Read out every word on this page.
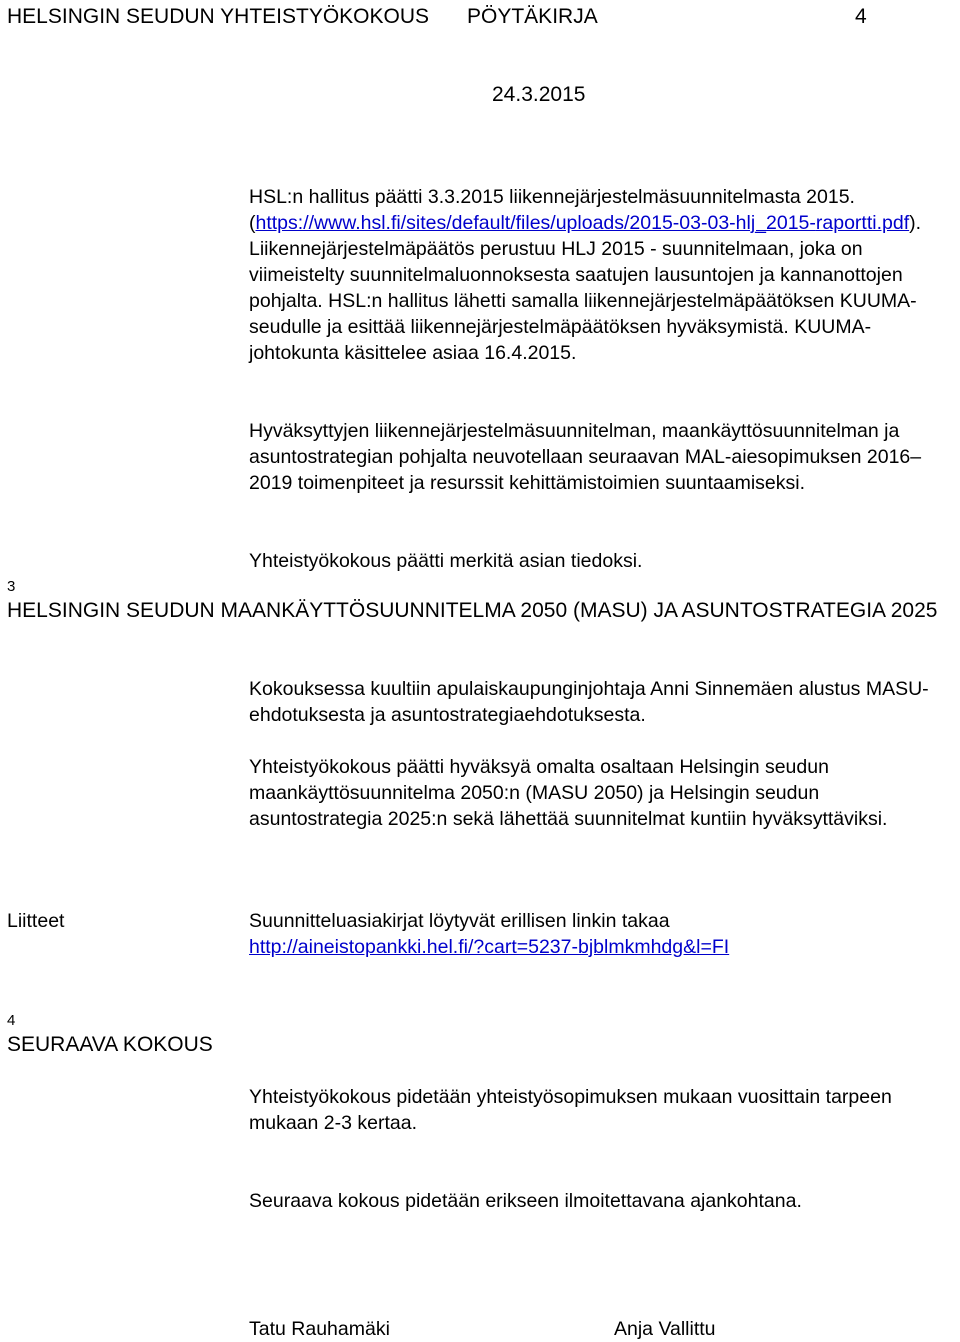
HELSINGIN SEUDUN YHTEISTYÖKOKOUS PÖYTÄKIRJA	4
24.3.2015
HSL:n hallitus päätti 3.3.2015 liikennejärjestelmäsuunnitelmasta 2015. (https://www.hsl.fi/sites/default/files/uploads/2015-03-03-hlj_2015-raportti.pdf). Liikennejärjestelmäpäätös perustuu HLJ 2015 - suunnitelmaan, joka on viimeistelty suunnitelmaluonnoksesta saatujen lausuntojen ja kannanottojen pohjalta. HSL:n hallitus lähetti samalla liikennejärjestelmäpäätöksen KUUMA-seudulle ja esittää liikennejärjestelmäpäätöksen hyväksymistä. KUUMA-johtokunta käsittelee asiaa 16.4.2015.
Hyväksyttyjen liikennejärjestelmäsuunnitelman, maankäyttösuunnitelman ja asuntostrategian pohjalta neuvotellaan seuraavan MAL-aiesopimuksen 2016–2019 toimenpiteet ja resurssit kehittämistoimien suuntaamiseksi.
Yhteistyökokous päätti merkitä asian tiedoksi.
3
HELSINGIN SEUDUN MAANKÄYTTÖSUUNNITELMA 2050 (MASU) JA ASUNTOSTRATEGIA 2025
Kokouksessa kuultiin apulaiskaupunginjohtaja Anni Sinnemäen alustus MASU-ehdotuksesta ja asuntostrategiaehdotuksesta.
Yhteistyökokous päätti hyväksyä omalta osaltaan Helsingin seudun maankäyttösuunnitelma 2050:n (MASU 2050) ja Helsingin seudun asuntostrategia 2025:n sekä lähettää suunnitelmat kuntiin hyväksyttäviksi.
Liitteet	Suunnitteluasiakirjat löytyvät erillisen linkin takaa
http://aineistopankki.hel.fi/?cart=5237-bjblmkmhdg&l=FI
4
SEURAAVA KOKOUS
Yhteistyökokous pidetään yhteistyösopimuksen mukaan vuosittain tarpeen mukaan 2-3 kertaa.
Seuraava kokous pidetään erikseen ilmoitettavana ajankohtana.
Tatu Rauhamäki	Anja Vallittu
